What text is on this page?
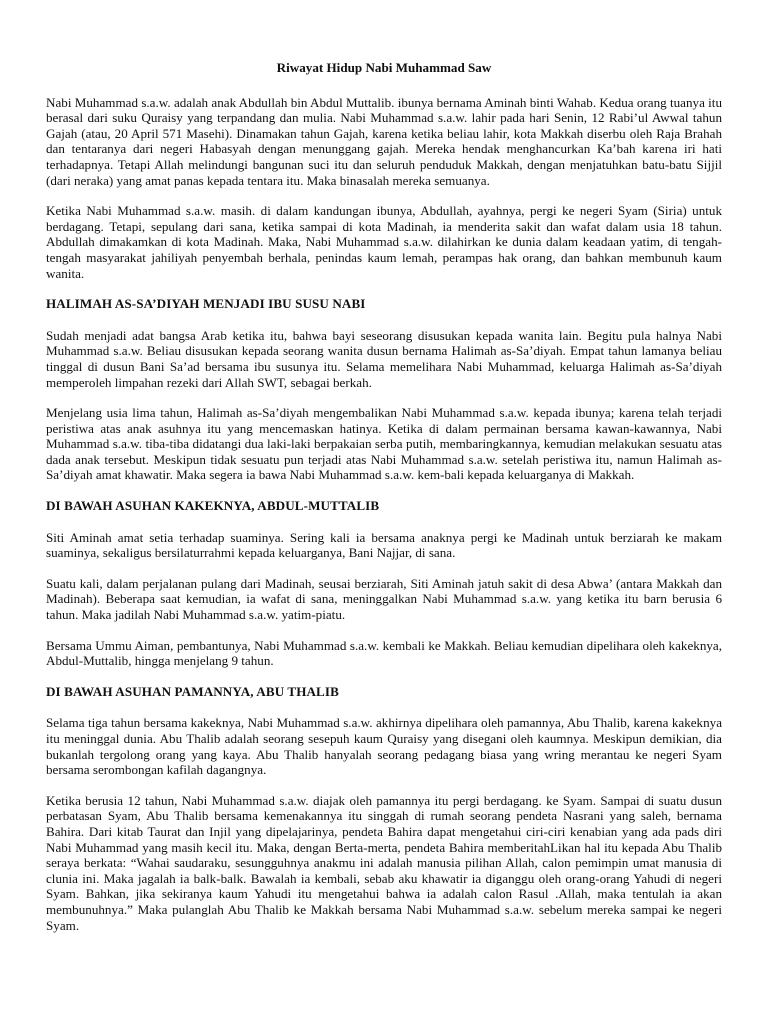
Riwayat Hidup Nabi Muhammad Saw

Nabi Muhammad s.a.w. adalah anak Abdullah bin Abdul Muttalib. ibunya bernama Aminah binti Wahab. Kedua orang tuanya itu berasal dari suku Quraisy yang terpandang dan mulia. Nabi Muhammad s.a.w. lahir pada hari Senin, 12 Rabi’ul Awwal tahun Gajah (atau, 20 April 571 Masehi). Dinamakan tahun Gajah, karena ketika beliau lahir, kota Makkah diserbu oleh Raja Brahah dan tentaranya dari negeri Habasyah dengan menunggang gajah. Mereka hendak menghancurkan Ka’bah karena iri hati terhadapnya. Tetapi Allah melindungi bangunan suci itu dan seluruh penduduk Makkah, dengan menjatuhkan batu-batu Sijjil (dari neraka) yang amat panas kepada tentara itu. Maka binasalah mereka semuanya.

Ketika Nabi Muhammad s.a.w. masih. di dalam kandungan ibunya, Abdullah, ayahnya, pergi ke negeri Syam (Siria) untuk berdagang. Tetapi, sepulang dari sana, ketika sampai di kota Madinah, ia menderita sakit dan wafat dalam usia 18 tahun. Abdullah dimakamkan di kota Madinah. Maka, Nabi Muhammad s.a.w. dilahirkan ke dunia dalam keadaan yatim, di tengah-tengah masyarakat jahiliyah penyembah berhala, penindas kaum lemah, perampas hak orang, dan bahkan membunuh kaum wanita.

HALIMAH AS-SA’DIYAH MENJADI IBU SUSU NABI

Sudah menjadi adat bangsa Arab ketika itu, bahwa bayi seseorang disusukan kepada wanita lain. Begitu pula halnya Nabi Muhammad s.a.w. Beliau disusukan kepada seorang wanita dusun bernama Halimah as-Sa’diyah. Empat tahun lamanya beliau tinggal di dusun Bani Sa’ad bersama ibu susunya itu. Selama memelihara Nabi Muhammad, keluarga Halimah as-Sa’diyah memperoleh limpahan rezeki dari Allah SWT, sebagai berkah.

Menjelang usia lima tahun, Halimah as-Sa’diyah mengembalikan Nabi Muhammad s.a.w. kepada ibunya; karena telah terjadi peristiwa atas anak asuhnya itu yang mencemaskan hatinya. Ketika di dalam permainan bersama kawan-kawannya, Nabi Muhammad s.a.w. tiba-tiba didatangi dua laki-laki berpakaian serba putih, membaringkannya, kemudian melakukan sesuatu atas dada anak tersebut. Meskipun tidak sesuatu pun terjadi atas Nabi Muhammad s.a.w. setelah peristiwa itu, namun Halimah as-Sa’diyah amat khawatir. Maka segera ia bawa Nabi Muhammad s.a.w. kem-bali kepada keluarganya di Makkah.

DI BAWAH ASUHAN KAKEKNYA, ABDUL-MUTTALIB

Siti Aminah amat setia terhadap suaminya. Sering kali ia bersama anaknya pergi ke Madinah untuk berziarah ke makam suaminya, sekaligus bersilaturrahmi kepada keluarganya, Bani Najjar, di sana.

Suatu kali, dalam perjalanan pulang dari Madinah, seusai berziarah, Siti Aminah jatuh sakit di desa Abwa’ (antara Makkah dan Madinah). Beberapa saat kemudian, ia wafat di sana, meninggalkan Nabi Muhammad s.a.w. yang ketika itu barn berusia 6 tahun. Maka jadilah Nabi Muhammad s.a.w. yatim-piatu.

Bersama Ummu Aiman, pembantunya, Nabi Muhammad s.a.w. kembali ke Makkah. Beliau kemudian dipelihara oleh kakeknya, Abdul-Muttalib, hingga menjelang 9 tahun.

DI BAWAH ASUHAN PAMANNYA, ABU THALIB

Selama tiga tahun bersama kakeknya, Nabi Muhammad s.a.w. akhirnya dipelihara oleh pamannya, Abu Thalib, karena kakeknya itu meninggal dunia. Abu Thalib adalah seorang sesepuh kaum Quraisy yang disegani oleh kaumnya. Meskipun demikian, dia bukanlah tergolong orang yang kaya. Abu Thalib hanyalah seorang pedagang biasa yang wring merantau ke negeri Syam bersama serombongan kafilah dagangnya.

Ketika berusia 12 tahun, Nabi Muhammad s.a.w. diajak oleh pamannya itu pergi berdagang. ke Syam. Sampai di suatu dusun perbatasan Syam, Abu Thalib bersama kemenakannya itu singgah di rumah seorang pendeta Nasrani yang saleh, bernama Bahira. Dari kitab Taurat dan Injil yang dipelajarinya, pendeta Bahira dapat mengetahui ciri-ciri kenabian yang ada pads diri Nabi Muhammad yang masih kecil itu. Maka, dengan Berta-merta, pendeta Bahira memberitahLikan hal itu kepada Abu Thalib seraya berkata: “Wahai saudaraku, sesungguhnya anakmu ini adalah manusia pilihan Allah, calon pemimpin umat manusia di clunia ini. Maka jagalah ia balk-balk. Bawalah ia kembali, sebab aku khawatir ia diganggu oleh orang-orang Yahudi di negeri Syam. Bahkan, jika sekiranya kaum Yahudi itu mengetahui bahwa ia adalah calon Rasul .Allah, maka tentulah ia akan membunuhnya.” Maka pulanglah Abu Thalib ke Makkah bersama Nabi Muhammad s.a.w. sebelum mereka sampai ke negeri Syam.
